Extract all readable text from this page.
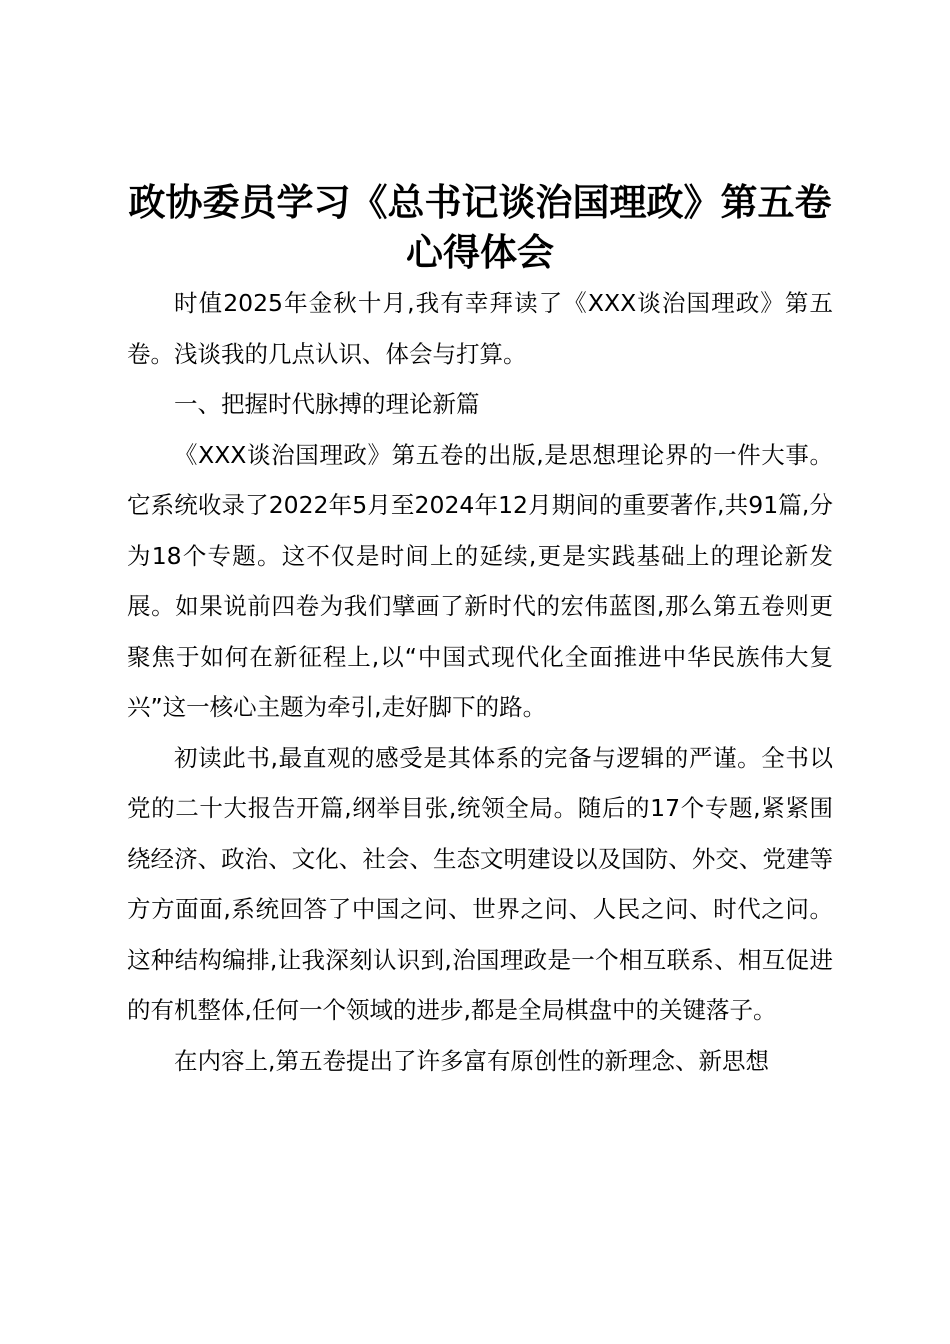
政协委员学习《总书记谈治国理政》第五卷心得体会

时值2025年金秋十月,我有幸拜读了《XXX谈治国理政》第五卷。浅谈我的几点认识、体会与打算。

一、把握时代脉搏的理论新篇

《XXX谈治国理政》第五卷的出版,是思想理论界的一件大事。它系统收录了2022年5月至2024年12月期间的重要著作,共91篇,分为18个专题。这不仅是时间上的延续,更是实践基础上的理论新发展。如果说前四卷为我们擘画了新时代的宏伟蓝图,那么第五卷则更聚焦于如何在新征程上,以“中国式现代化全面推进中华民族伟大复兴”这一核心主题为牵引,走好脚下的路。

初读此书,最直观的感受是其体系的完备与逻辑的严谨。全书以党的二十大报告开篇,纲举目张,统领全局。随后的17个专题,紧紧围绕经济、政治、文化、社会、生态文明建设以及国防、外交、党建等方方面面,系统回答了中国之问、世界之问、人民之问、时代之问。这种结构编排,让我深刻认识到,治国理政是一个相互联系、相互促进的有机整体,任何一个领域的进步,都是全局棋盘中的关键落子。

在内容上,第五卷提出了许多富有原创性的新理念、新思想
